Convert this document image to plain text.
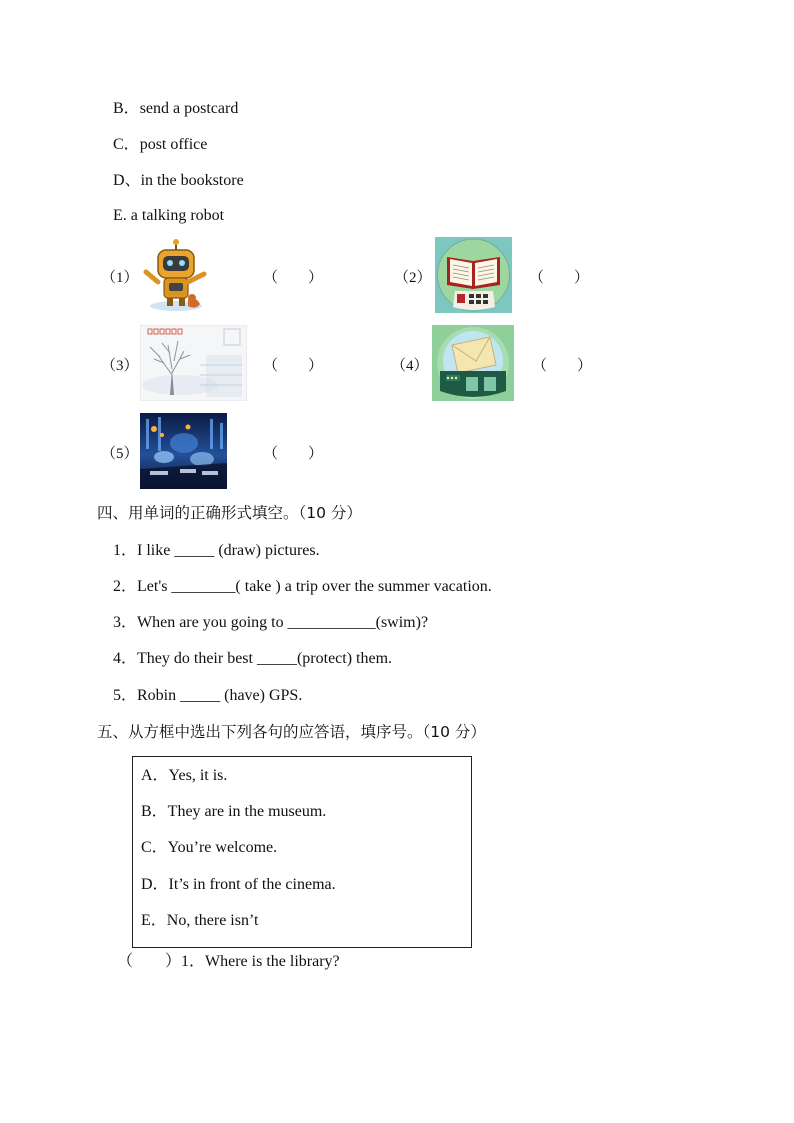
B．send a postcard
C．post office
D、in the bookstore
E. a talking robot
（1）	（　　）	（2）	（　　）
（3）	（　　）	（4）	（　　）
（5）	（　　）
四、用单词的正确形式填空。（10 分）
1．I like _____ (draw) pictures.
2．Let's ________( take ) a trip over the summer vacation.
3．When are you going to ___________(swim)?
4．They do their best _____(protect) them.
5．Robin _____ (have) GPS.
五、从方框中选出下列各句的应答语，填序号。（10 分）
A．Yes, it is.
B．They are in the museum.
C．You’re welcome.
D．It’s in front of the cinema.
E．No, there isn’t
（　　）1．Where is the library?
